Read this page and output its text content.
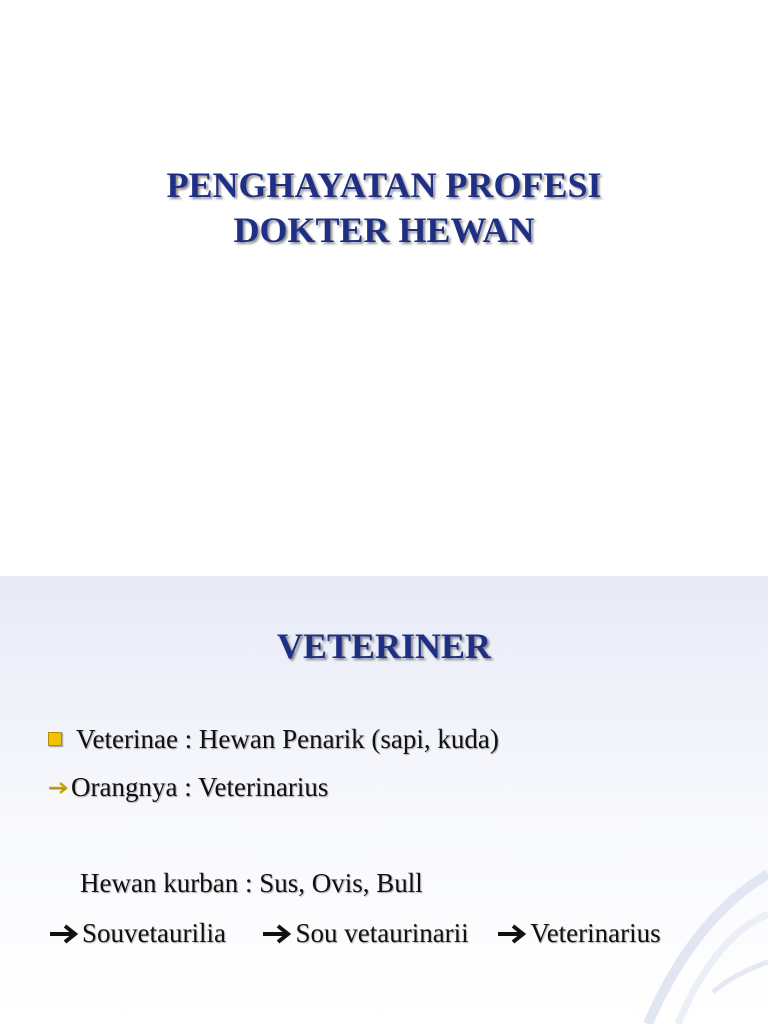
PENGHAYATAN PROFESI
DOKTER HEWAN
VETERINER
Veterinae : Hewan Penarik (sapi, kuda)
Orangnya : Veterinarius
Hewan kurban : Sus, Ovis, Bull
Souvetaurilia	Sou vetaurinarii Veterinarius
